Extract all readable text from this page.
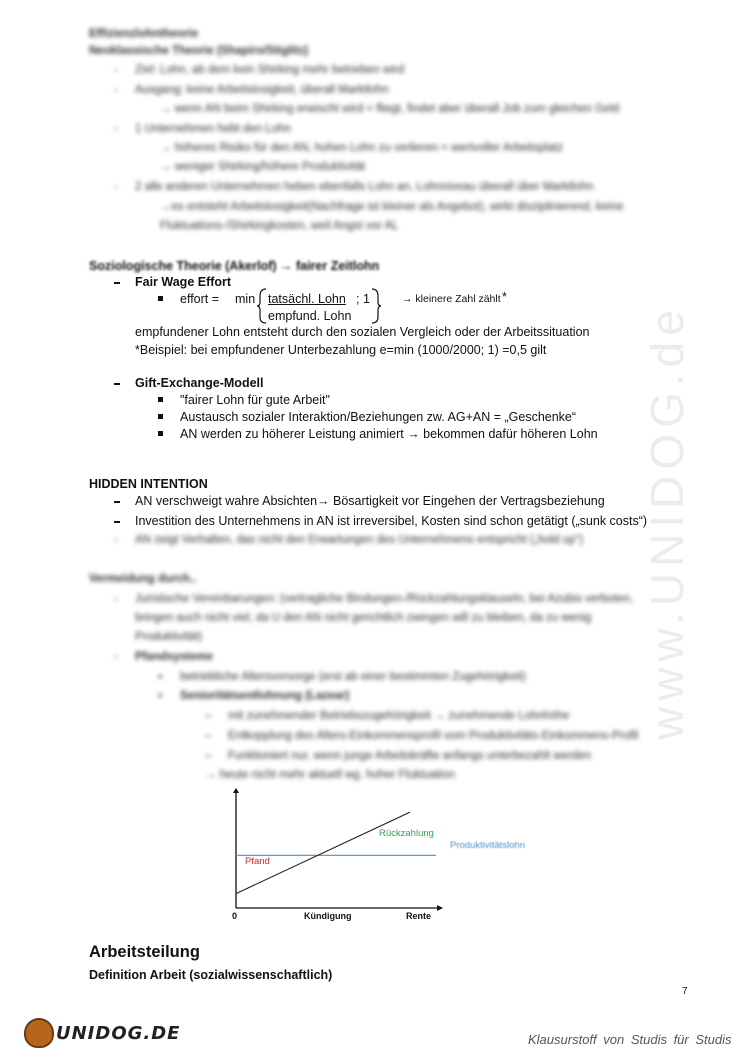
www.UNIDOG.de
Effizienzlohntheorie
Neoklassische Theorie (Shapiro/Stiglitz)
- Ziel: Lohn, ab dem kein Shirking mehr betrieben wird
- Ausgang: keine Arbeitslosigkeit, überall Marktlohn
→ wenn AN beim Shirking erwischt wird = fliegt, findet aber überall Job zum gleichen Geld
- 1 Unternehmen hebt den Lohn
→ höheres Risiko für den AN, hohen Lohn zu verlieren = wertvoller Arbeitsplatz
→ weniger Shirking/höhere Produktivität
- 2 alle anderen Unternehmen heben ebenfalls Lohn an, Lohnniveau überall über Marktlohn
→es entsteht Arbeitslosigkeit(Nachfrage ist kleiner als Angebot), wirkt disziplinierend, keine
Fluktuations-/Shirkingkosten, weil Angst vor AL
Soziologische Theorie (Akerlof) → fairer Zeitlohn
Fair Wage Effort
effort = min tatsächl. Lohn ; 1	→ kleinere Zahl zählt *
empfund. Lohn
empfundener Lohn entsteht durch den sozialen Vergleich oder der Arbeitssituation
*Beispiel: bei empfundener Unterbezahlung e=min (1000/2000; 1) =0,5 gilt
Gift-Exchange-Modell
"fairer Lohn für gute Arbeit"
Austausch sozialer Interaktion/Beziehungen zw. AG+AN = „Geschenke“
AN werden zu höherer Leistung animiert → bekommen dafür höheren Lohn
HIDDEN INTENTION
AN verschweigt wahre Absichten→ Bösartigkeit vor Eingehen der Vertragsbeziehung
Investition des Unternehmens in AN ist irreversibel, Kosten sind schon getätigt („sunk costs“)
- AN zeigt Verhalten, das nicht den Erwartungen des Unternehmens entspricht („hold up“)
Vermeidung durch..
- Juristische Vereinbarungen: (vertragliche Bindungen-/Rückzahlungsklauseln, bei Azubis verboten,
bringen auch nicht viel, da U den AN nicht gerichtlich zwingen will zu bleiben, da zu wenig
Produktivität)
- Pfandsysteme
▪ betriebliche Altersvorsorge (erst ab einer bestimmten Zugehörigkeit)
▪ Senioritätsentlohnung (Lazear)
– mit zunehmender Betriebszugehörigkeit → zunehmende Lohnhöhe
– Entkopplung des Alters-Einkommensprofil vom Produktivitäts-Einkommens-Profil
– Funktioniert nur, wenn junge Arbeitskräfte anfangs unterbezahlt werden
→ heute nicht mehr aktuell wg. hoher Fluktuation
Rückzahlung
Pfand
Produktivitätslohn
0	Kündigung	Rente
Arbeitsteilung
Definition Arbeit (sozialwissenschaftlich)
7
UNIDOG.DE	Klausurstoff von Studis für Studis
